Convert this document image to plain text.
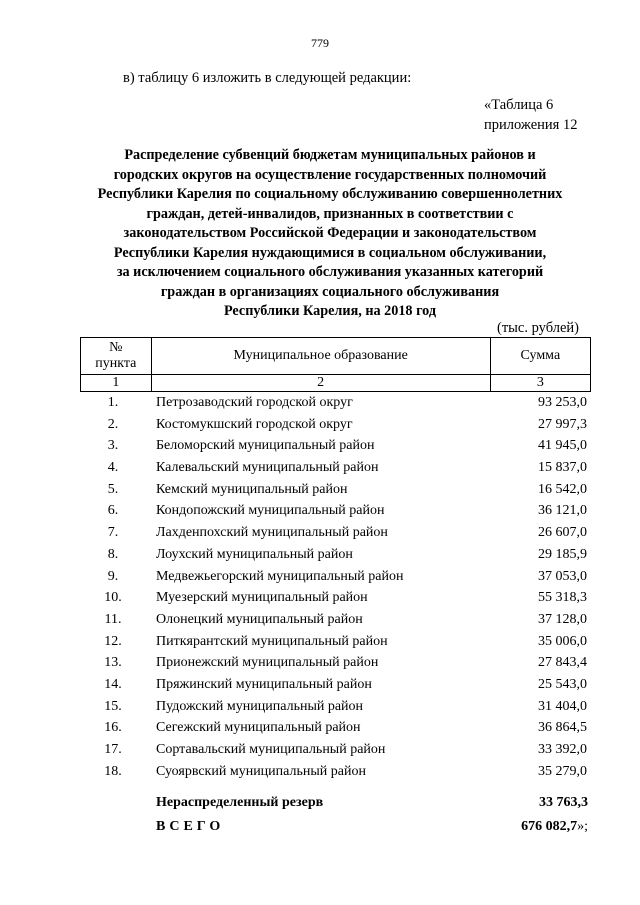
779
в) таблицу 6 изложить в следующей редакции:
«Таблица 6
приложения 12
Распределение субвенций бюджетам муниципальных районов и
городских округов на осуществление государственных полномочий
Республики Карелия по социальному обслуживанию совершеннолетних
граждан, детей-инвалидов, признанных в соответствии с
законодательством Российской Федерации и законодательством
Республики Карелия нуждающимися в социальном обслуживании,
за исключением социального обслуживания указанных категорий
граждан в организациях социального обслуживания
Республики Карелия, на 2018 год
(тыс. рублей)
№
пункта	Муниципальное образование	Сумма
1	2	3
1.	Петрозаводский городской округ	93 253,0
2.	Костомукшский городской округ	27 997,3
3.	Беломорский муниципальный район	41 945,0
4.	Калевальский муниципальный район	15 837,0
5.	Кемский муниципальный район	16 542,0
6.	Кондопожский муниципальный район	36 121,0
7.	Лахденпохский муниципальный район	26 607,0
8.	Лоухский муниципальный район	29 185,9
9.	Медвежьегорский муниципальный район	37 053,0
10.	Муезерский муниципальный район	55 318,3
11.	Олонецкий муниципальный район	37 128,0
12.	Питкярантский муниципальный район	35 006,0
13.	Прионежский муниципальный район	27 843,4
14.	Пряжинский муниципальный район	25 543,0
15.	Пудожский муниципальный район	31 404,0
16.	Сегежский муниципальный район	36 864,5
17.	Сортавальский муниципальный район	33 392,0
18.	Суоярвский муниципальный район	35 279,0
Нераспределенный резерв	33 763,3
ВСЕГО	676 082,7»;
